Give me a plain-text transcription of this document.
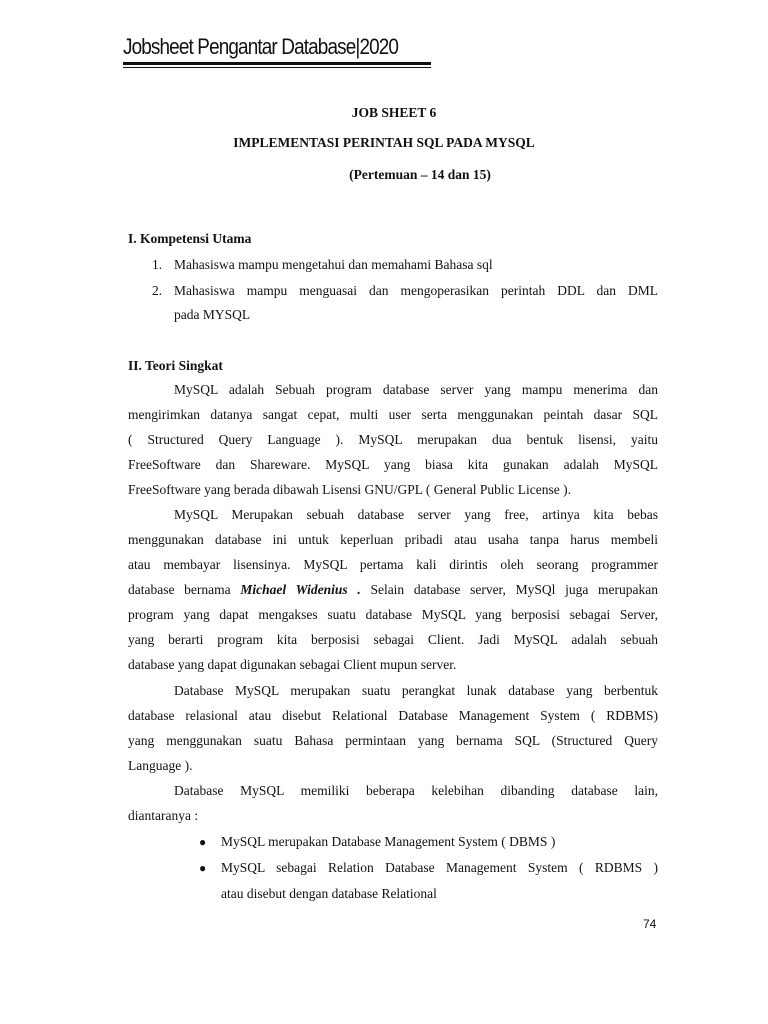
Jobsheet Pengantar Database|2020
JOB SHEET 6
IMPLEMENTASI PERINTAH SQL PADA MYSQL
(Pertemuan – 14 dan 15)
I. Kompetensi Utama
1. Mahasiswa mampu mengetahui dan memahami Bahasa sql
2. Mahasiswa mampu menguasai dan mengoperasikan perintah DDL dan DML
pada MYSQL
II. Teori Singkat
MySQL adalah Sebuah program database server yang mampu menerima dan
mengirimkan datanya sangat cepat, multi user serta menggunakan peintah dasar SQL
( Structured Query Language ). MySQL merupakan dua bentuk lisensi, yaitu
FreeSoftware dan Shareware. MySQL yang biasa kita gunakan adalah MySQL
FreeSoftware yang berada dibawah Lisensi GNU/GPL ( General Public License ).
MySQL Merupakan sebuah database server yang free, artinya kita bebas
menggunakan database ini untuk keperluan pribadi atau usaha tanpa harus membeli
atau membayar lisensinya. MySQL pertama kali dirintis oleh seorang programmer
database bernama Michael Widenius . Selain database server, MySQl juga merupakan
program yang dapat mengakses suatu database MySQL yang berposisi sebagai Server,
yang berarti program kita berposisi sebagai Client. Jadi MySQL adalah sebuah
database yang dapat digunakan sebagai Client mupun server.
Database MySQL merupakan suatu perangkat lunak database yang berbentuk
database relasional atau disebut Relational Database Management System ( RDBMS)
yang menggunakan suatu Bahasa permintaan yang bernama SQL (Structured Query
Language ).
Database MySQL memiliki beberapa kelebihan dibanding database lain,
diantaranya :
● MySQL merupakan Database Management System ( DBMS )
● MySQL sebagai Relation Database Management System ( RDBMS )
atau disebut dengan database Relational
74
